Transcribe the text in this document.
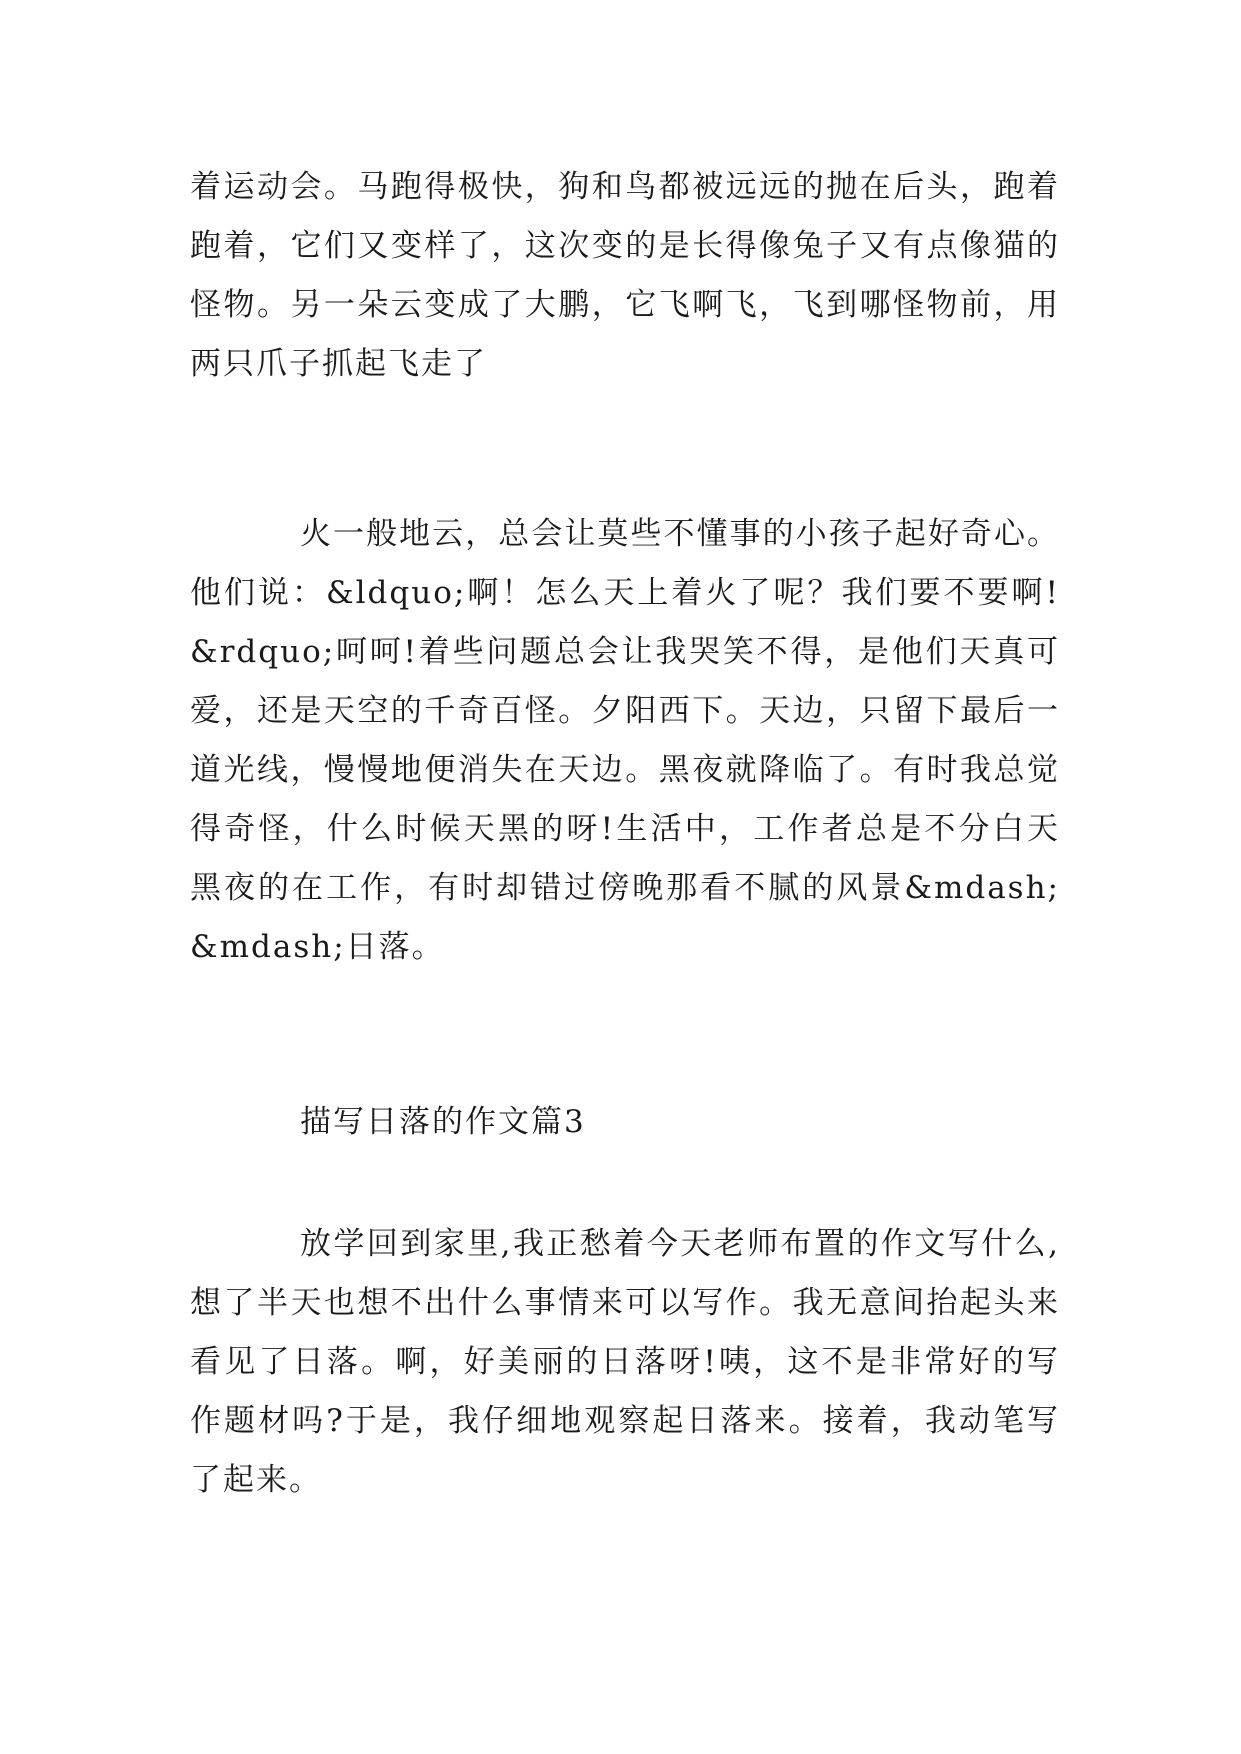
着运动会。马跑得极快，狗和鸟都被远远的抛在后头，跑着跑着，它们又变样了，这次变的是长得像兔子又有点像猫的怪物。另一朵云变成了大鹏，它飞啊飞，飞到哪怪物前，用两只爪子抓起飞走了

火一般地云，总会让莫些不懂事的小孩子起好奇心。他们说：&ldquo;啊！怎么天上着火了呢？我们要不要啊!&rdquo;呵呵!着些问题总会让我哭笑不得，是他们天真可爱，还是天空的千奇百怪。夕阳西下。天边，只留下最后一道光线，慢慢地便消失在天边。黑夜就降临了。有时我总觉得奇怪，什么时候天黑的呀!生活中，工作者总是不分白天黑夜的在工作，有时却错过傍晚那看不腻的风景&mdash;&mdash;日落。

描写日落的作文篇3

放学回到家里,我正愁着今天老师布置的作文写什么,想了半天也想不出什么事情来可以写作。我无意间抬起头来看见了日落。啊，好美丽的日落呀!咦，这不是非常好的写作题材吗?于是，我仔细地观察起日落来。接着，我动笔写了起来。
